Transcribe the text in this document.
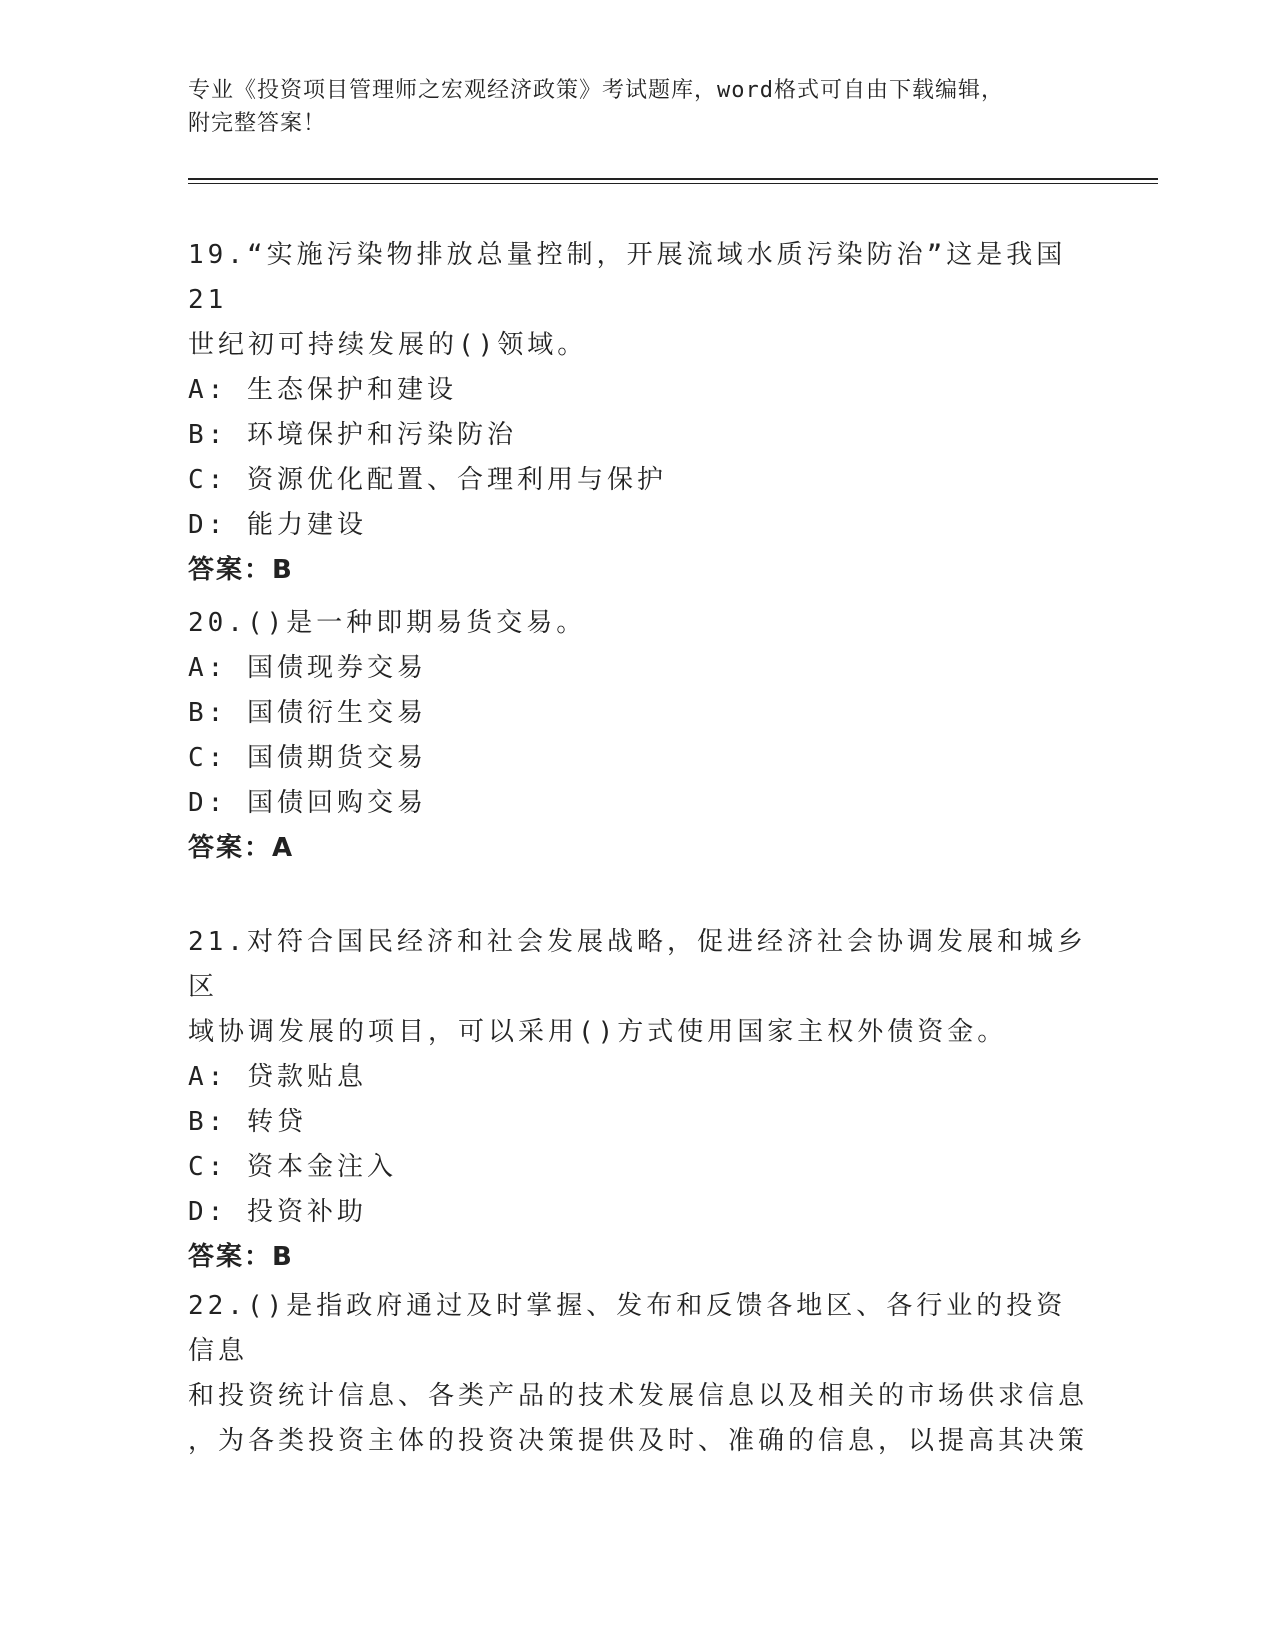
专业《投资项目管理师之宏观经济政策》考试题库，word格式可自由下载编辑，
附完整答案！

19.“实施污染物排放总量控制，开展流域水质污染防治”这是我国21

世纪初可持续发展的()领域。

A: 生态保护和建设

B: 环境保护和污染防治

C: 资源优化配置、合理利用与保护

D: 能力建设

答案：B

20.()是一种即期易货交易。

A: 国债现券交易

B: 国债衍生交易

C: 国债期货交易

D: 国债回购交易

答案：A

21.对符合国民经济和社会发展战略，促进经济社会协调发展和城乡区

域协调发展的项目，可以采用()方式使用国家主权外债资金。

A: 贷款贴息

B: 转贷

C: 资本金注入

D: 投资补助

答案：B

22.()是指政府通过及时掌握、发布和反馈各地区、各行业的投资信息

和投资统计信息、各类产品的技术发展信息以及相关的市场供求信息

，为各类投资主体的投资决策提供及时、准确的信息，以提高其决策
